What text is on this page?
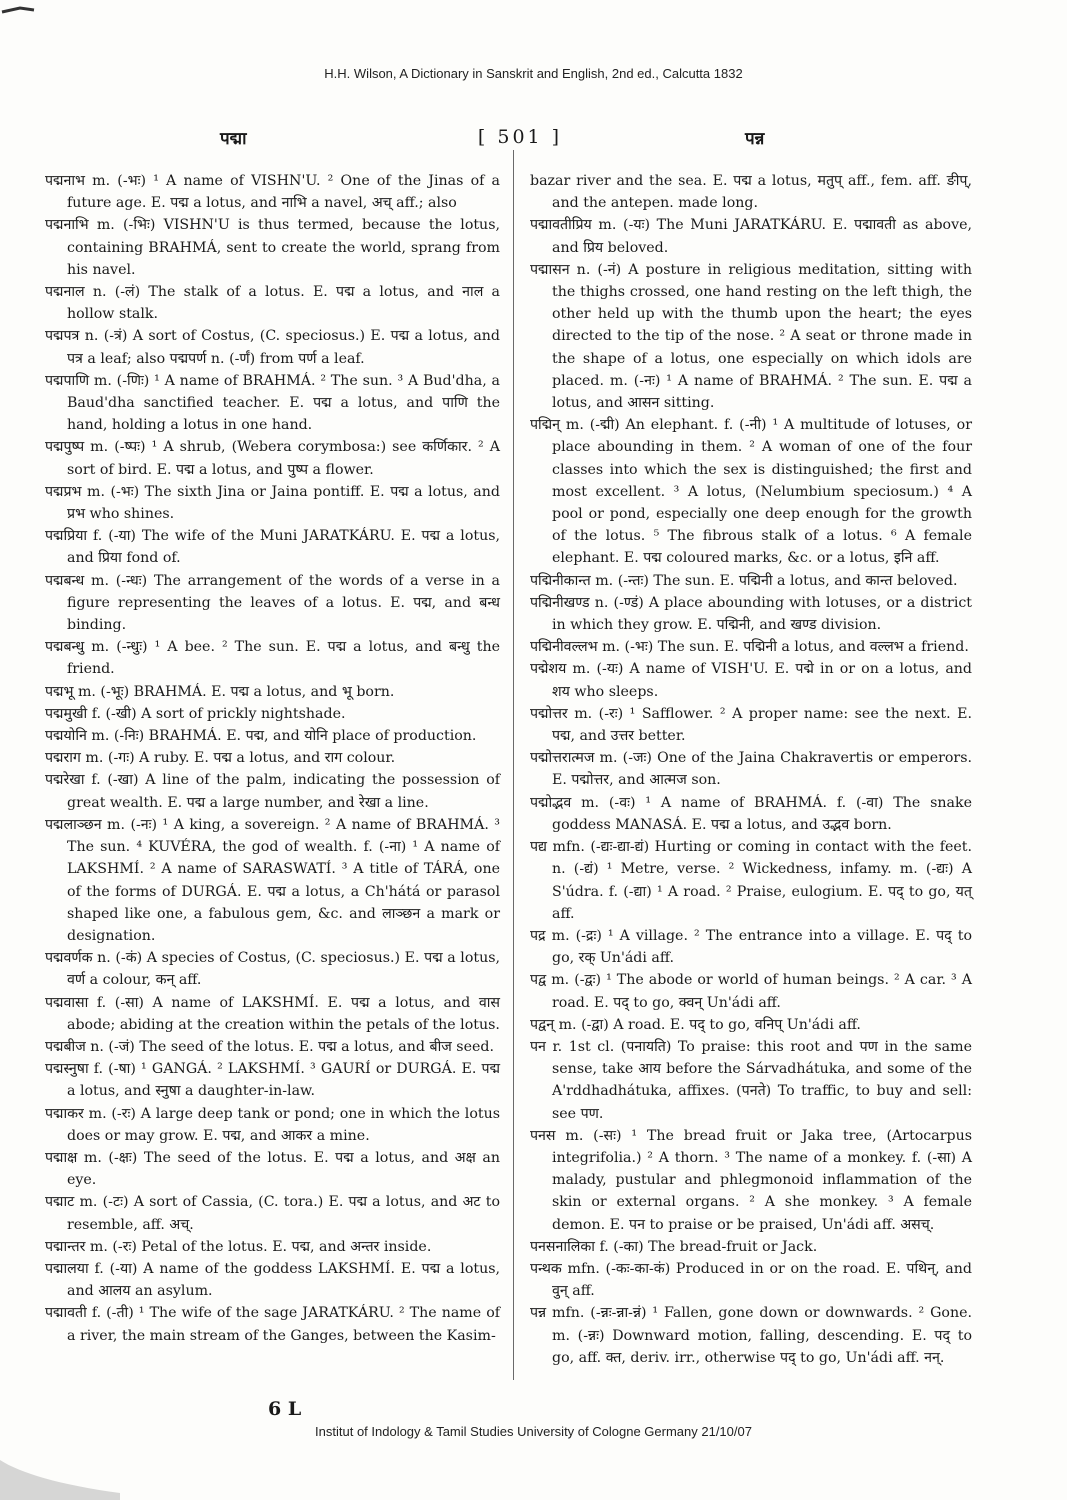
H.H. Wilson, A Dictionary in Sanskrit and English, 2nd ed., Calcutta 1832
पद्मा	[ 501 ]	पन्न

पद्मनाभ m. (-भः) ¹ A name of VISHN'U. ² One of the Jinas of a future age. E. पद्म a lotus, and नाभि a navel, अच् aff.; also

पद्मनाभि m. (-भिः) VISHN'U is thus termed, because the lotus, containing BRAHMÁ, sent to create the world, sprang from his navel.

पद्मनाल n. (-लं) The stalk of a lotus. E. पद्म a lotus, and नाल a hollow stalk.

पद्मपत्र n. (-त्रं) A sort of Costus, (C. speciosus.) E. पद्म a lotus, and पत्र a leaf; also पद्मपर्ण n. (-र्णं) from पर्ण a leaf.

पद्मपाणि m. (-णिः) ¹ A name of BRAHMÁ. ² The sun. ³ A Bud'dha, a Baud'dha sanctified teacher. E. पद्म a lotus, and पाणि the hand, holding a lotus in one hand.

पद्मपुष्प m. (-ष्पः) ¹ A shrub, (Webera corymbosa:) see कर्णिकार. ² A sort of bird. E. पद्म a lotus, and पुष्प a flower.

पद्मप्रभ m. (-भः) The sixth Jina or Jaina pontiff. E. पद्म a lotus, and प्रभ who shines.

पद्मप्रिया f. (-या) The wife of the Muni JARATKÁRU. E. पद्म a lotus, and प्रिया fond of.

पद्मबन्ध m. (-न्धः) The arrangement of the words of a verse in a figure representing the leaves of a lotus. E. पद्म, and बन्ध binding.

पद्मबन्धु m. (-न्धुः) ¹ A bee. ² The sun. E. पद्म a lotus, and बन्धु the friend.

पद्मभू m. (-भूः) BRAHMÁ. E. पद्म a lotus, and भू born.

पद्ममुखी f. (-खी) A sort of prickly nightshade.

पद्मयोनि m. (-निः) BRAHMÁ. E. पद्म, and योनि place of production.

पद्मराग m. (-गः) A ruby. E. पद्म a lotus, and राग colour.

पद्मरेखा f. (-खा) A line of the palm, indicating the possession of great wealth. E. पद्म a large number, and रेखा a line.

पद्मलाञ्छन m. (-नः) ¹ A king, a sovereign. ² A name of BRAHMÁ. ³ The sun. ⁴ KUVÉRA, the god of wealth. f. (-ना) ¹ A name of LAKSHMÍ. ² A name of SARASWATÍ. ³ A title of TÁRÁ, one of the forms of DURGÁ. E. पद्म a lotus, a Ch'hátá or parasol shaped like one, a fabulous gem, &c. and लाञ्छन a mark or designation.

पद्मवर्णक n. (-कं) A species of Costus, (C. speciosus.) E. पद्म a lotus, वर्ण a colour, कन् aff.

पद्मवासा f. (-सा) A name of LAKSHMÍ. E. पद्म a lotus, and वास abode; abiding at the creation within the petals of the lotus.

पद्मबीज n. (-जं) The seed of the lotus. E. पद्म a lotus, and बीज seed.

पद्मस्नुषा f. (-षा) ¹ GANGÁ. ² LAKSHMÍ. ³ GAURÍ or DURGÁ. E. पद्म a lotus, and स्नुषा a daughter-in-law.

पद्माकर m. (-रः) A large deep tank or pond; one in which the lotus does or may grow. E. पद्म, and आकर a mine.

पद्माक्ष m. (-क्षः) The seed of the lotus. E. पद्म a lotus, and अक्ष an eye.

पद्माट m. (-टः) A sort of Cassia, (C. tora.) E. पद्म a lotus, and अट to resemble, aff. अच्.

पद्मान्तर m. (-रः) Petal of the lotus. E. पद्म, and अन्तर inside.

पद्मालया f. (-या) A name of the goddess LAKSHMÍ. E. पद्म a lotus, and आलय an asylum.

पद्मावती f. (-ती) ¹ The wife of the sage JARATKÁRU. ² The name of a river, the main stream of the Ganges, between the Kasim-

bazar river and the sea. E. पद्म a lotus, मतुप् aff., fem. aff. ङीप्, and the antepen. made long.

पद्मावतीप्रिय m. (-यः) The Muni JARATKÁRU. E. पद्मावती as above, and प्रिय beloved.

पद्मासन n. (-नं) A posture in religious meditation, sitting with the thighs crossed, one hand resting on the left thigh, the other held up with the thumb upon the heart; the eyes directed to the tip of the nose. ² A seat or throne made in the shape of a lotus, one especially on which idols are placed. m. (-नः) ¹ A name of BRAHMÁ. ² The sun. E. पद्म a lotus, and आसन sitting.

पद्मिन् m. (-द्मी) An elephant. f. (-नी) ¹ A multitude of lotuses, or place abounding in them. ² A woman of one of the four classes into which the sex is distinguished; the first and most excellent. ³ A lotus, (Nelumbium speciosum.) ⁴ A pool or pond, especially one deep enough for the growth of the lotus. ⁵ The fibrous stalk of a lotus. ⁶ A female elephant. E. पद्म coloured marks, &c. or a lotus, इनि aff.

पद्मिनीकान्त m. (-न्तः) The sun. E. पद्मिनी a lotus, and कान्त beloved.

पद्मिनीखण्ड n. (-ण्डं) A place abounding with lotuses, or a district in which they grow. E. पद्मिनी, and खण्ड division.

पद्मिनीवल्लभ m. (-भः) The sun. E. पद्मिनी a lotus, and वल्लभ a friend.

पद्मेशय m. (-यः) A name of VISH'U. E. पद्मे in or on a lotus, and शय who sleeps.

पद्मोत्तर m. (-रः) ¹ Safflower. ² A proper name: see the next. E. पद्म, and उत्तर better.

पद्मोत्तरात्मज m. (-जः) One of the Jaina Chakravertis or emperors. E. पद्मोत्तर, and आत्मज son.

पद्मोद्भव m. (-वः) ¹ A name of BRAHMÁ. f. (-वा) The snake goddess MANASÁ. E. पद्म a lotus, and उद्भव born.

पद्य mfn. (-द्यः-द्या-द्यं) Hurting or coming in contact with the feet. n. (-द्यं) ¹ Metre, verse. ² Wickedness, infamy. m. (-द्यः) A S'údra. f. (-द्या) ¹ A road. ² Praise, eulogium. E. पद् to go, यत् aff.

पद्र m. (-द्रः) ¹ A village. ² The entrance into a village. E. पद् to go, रक् Un'ádi aff.

पद्व m. (-द्वः) ¹ The abode or world of human beings. ² A car. ³ A road. E. पद् to go, क्वन् Un'ádi aff.

पद्वन् m. (-द्वा) A road. E. पद् to go, वनिप् Un'ádi aff.

पन r. 1st cl. (पनायति) To praise: this root and पण in the same sense, take आय before the Sárvadhátuka, and some of the A'rddhadhátuka, affixes. (पनते) To traffic, to buy and sell: see पण.

पनस m. (-सः) ¹ The bread fruit or Jaka tree, (Artocarpus integrifolia.) ² A thorn. ³ The name of a monkey. f. (-सा) A malady, pustular and phlegmonoid inflammation of the skin or external organs. ² A she monkey. ³ A female demon. E. पन to praise or be praised, Un'ádi aff. असच्.

पनसनालिका f. (-का) The bread-fruit or Jack.

पन्थक mfn. (-कः-का-कं) Produced in or on the road. E. पथिन्, and वुन् aff.

पन्न mfn. (-न्नः-न्ना-न्नं) ¹ Fallen, gone down or downwards. ² Gone. m. (-न्नः) Downward motion, falling, descending. E. पद् to go, aff. क्त, deriv. irr., otherwise पद् to go, Un'ádi aff. नन्.

6 L
Institut of Indology & Tamil Studies University of Cologne Germany 21/10/07
